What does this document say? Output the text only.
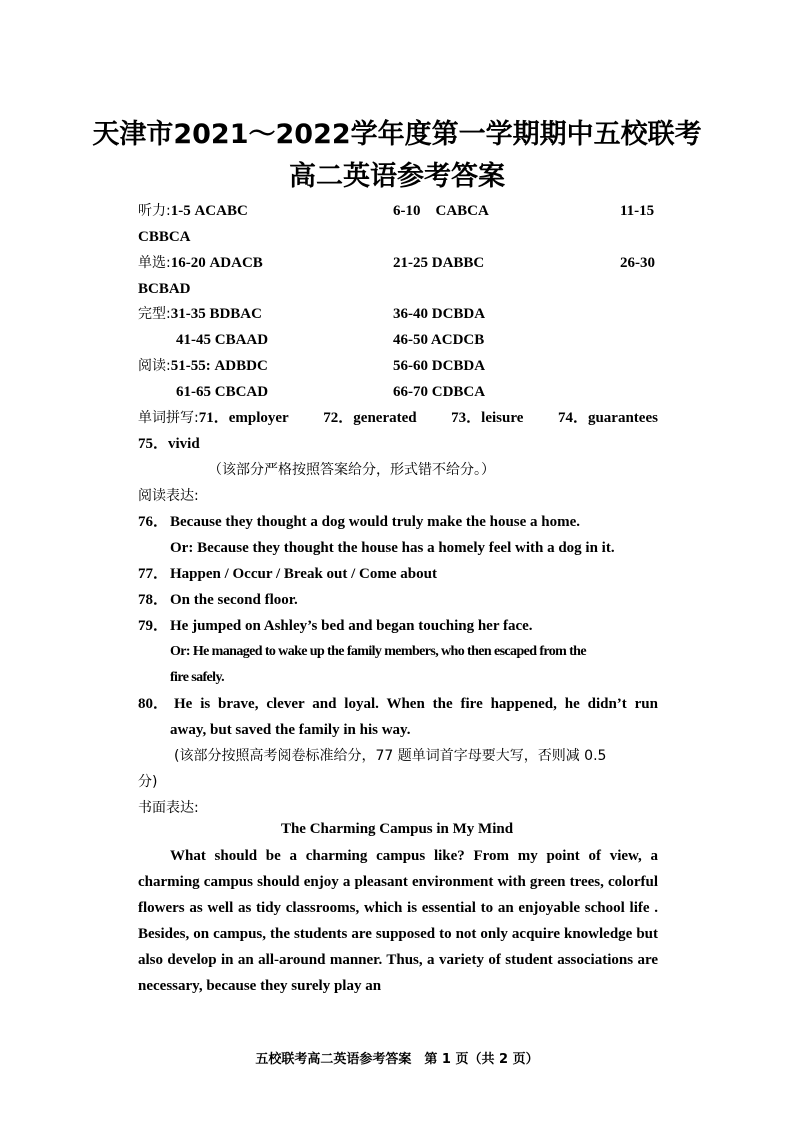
天津市2021～2022学年度第一学期期中五校联考
高二英语参考答案
听力:1-5 ACABC	6-10　CABCA	11-15
CBBCA
单选:16-20 ADACB	21-25 DABBC	26-30
BCBAD
完型:31-35 BDBAC	36-40 DCBDA
41-45 CBAAD	46-50 ACDCB
阅读:51-55: ADBDC	56-60 DCBDA
61-65 CBCAD	66-70 CDBCA
单词拼写:71．employer 72．generated 73．leisure 74．guarantees
75．vivid
（该部分严格按照答案给分，形式错不给分。）
阅读表达:
76． Because they thought a dog would truly make the house a home.
Or: Because they thought the house has a homely feel with a dog in it.
77． Happen / Occur / Break out / Come about
78． On the second floor.
79． He jumped on Ashley’s bed and began touching her face.
Or: He managed to wake up the family members, who then escaped from the
fire safely.
80． He is brave, clever and loyal. When the fire happened, he didn’t run
away, but saved the family in his way.
(该部分按照高考阅卷标准给分，77 题单词首字母要大写，否则减 0.5
分)
书面表达:
The Charming Campus in My Mind
What should be a charming campus like? From my point of view, a charming campus should enjoy a pleasant environment with green trees, colorful flowers as well as tidy classrooms, which is essential to an enjoyable school life . Besides, on campus, the students are supposed to not only acquire knowledge but also develop in an all-around manner. Thus, a variety of student associations are necessary, because they surely play an
五校联考高二英语参考答案　第 1 页（共 2 页）
